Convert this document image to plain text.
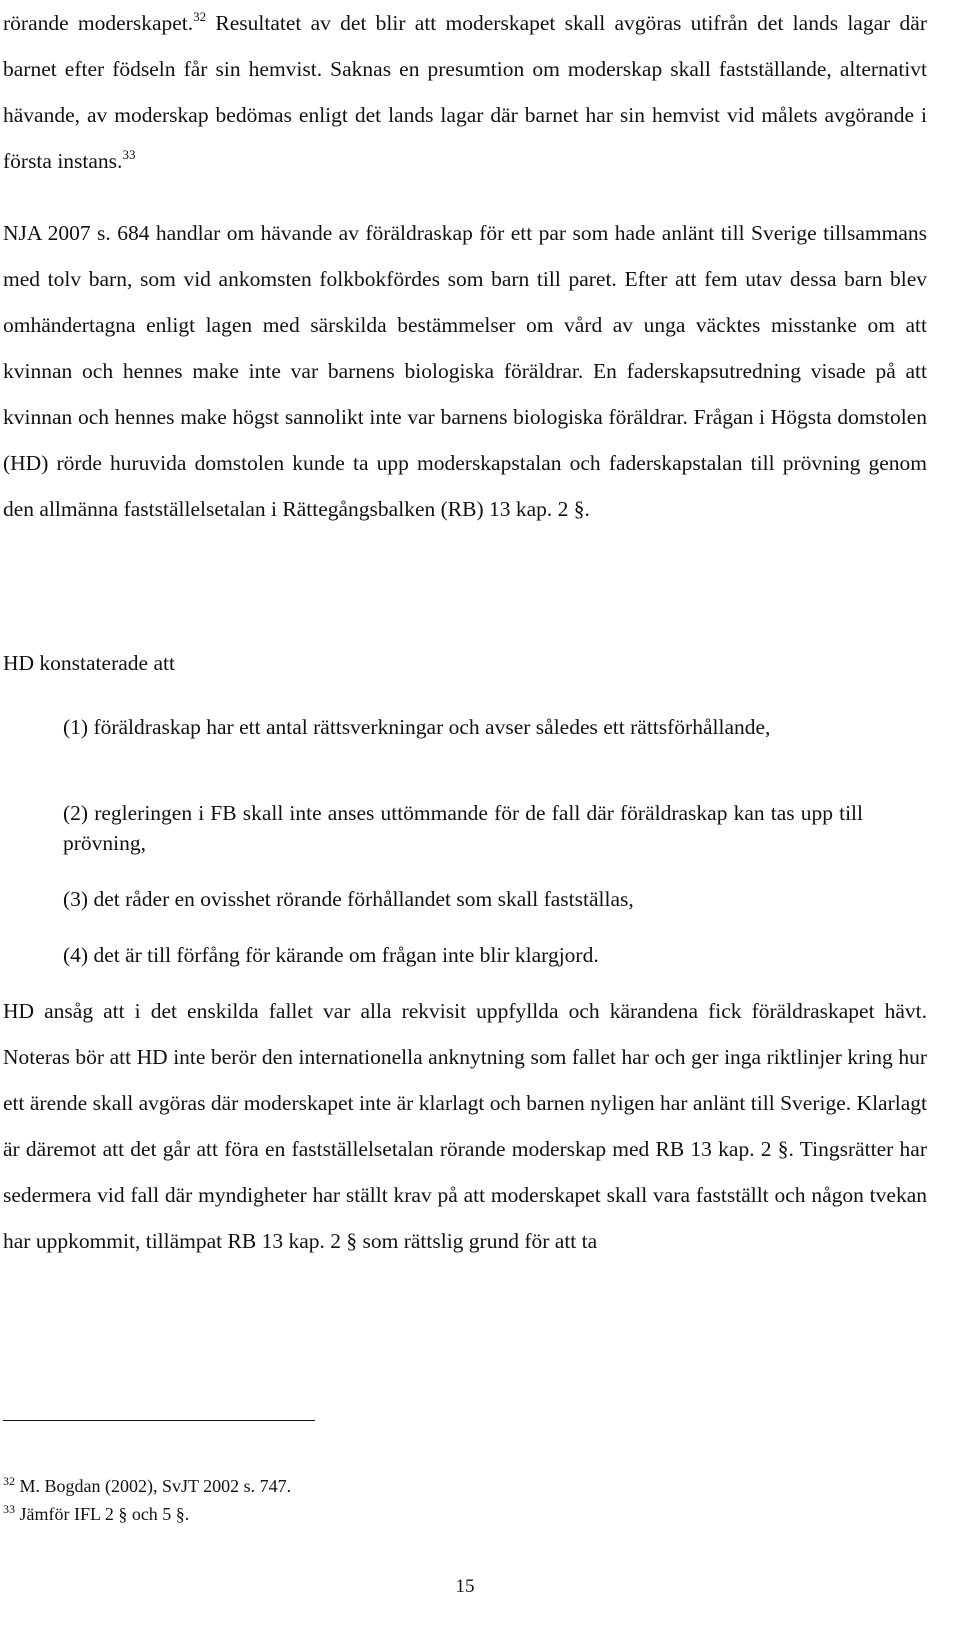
rörande moderskapet.$^{32}$ Resultatet av det blir att moderskapet skall avgöras utifrån det lands lagar där barnet efter födseln får sin hemvist. Saknas en presumtion om moderskap skall fastställande, alternativt hävande, av moderskap bedömas enligt det lands lagar där barnet har sin hemvist vid målets avgörande i första instans.$^{33}$

NJA 2007 s. 684 handlar om hävande av föräldraskap för ett par som hade anlänt till Sverige tillsammans med tolv barn, som vid ankomsten folkbokfördes som barn till paret. Efter att fem utav dessa barn blev omhändertagna enligt lagen med särskilda bestämmelser om vård av unga väcktes misstanke om att kvinnan och hennes make inte var barnens biologiska föräldrar. En faderskapsutredning visade på att kvinnan och hennes make högst sannolikt inte var barnens biologiska föräldrar. Frågan i Högsta domstolen (HD) rörde huruvida domstolen kunde ta upp moderskapstalan och faderskapstalan till prövning genom den allmänna fastställelsetalan i Rättegångsbalken (RB) 13 kap. 2 §.

HD konstaterade att

(1) föräldraskap har ett antal rättsverkningar och avser således ett rättsförhållande,
(2) regleringen i FB skall inte anses uttömmande för de fall där föräldraskap kan tas upp till prövning,
(3) det råder en ovisshet rörande förhållandet som skall fastställas,
(4) det är till förfång för kärande om frågan inte blir klargjord.

HD ansåg att i det enskilda fallet var alla rekvisit uppfyllda och kärandena fick föräldraskapet hävt. Noteras bör att HD inte berör den internationella anknytning som fallet har och ger inga riktlinjer kring hur ett ärende skall avgöras där moderskapet inte är klarlagt och barnen nyligen har anlänt till Sverige. Klarlagt är däremot att det går att föra en fastställelsetalan rörande moderskap med RB 13 kap. 2 §. Tingsrätter har sedermera vid fall där myndigheter har ställt krav på att moderskapet skall vara fastställt och någon tvekan har uppkommit, tillämpat RB 13 kap. 2 § som rättslig grund för att ta

$^{32}$ M. Bogdan (2002), SvJT 2002 s. 747.

$^{33}$ Jämför IFL 2 § och 5 §.

15
